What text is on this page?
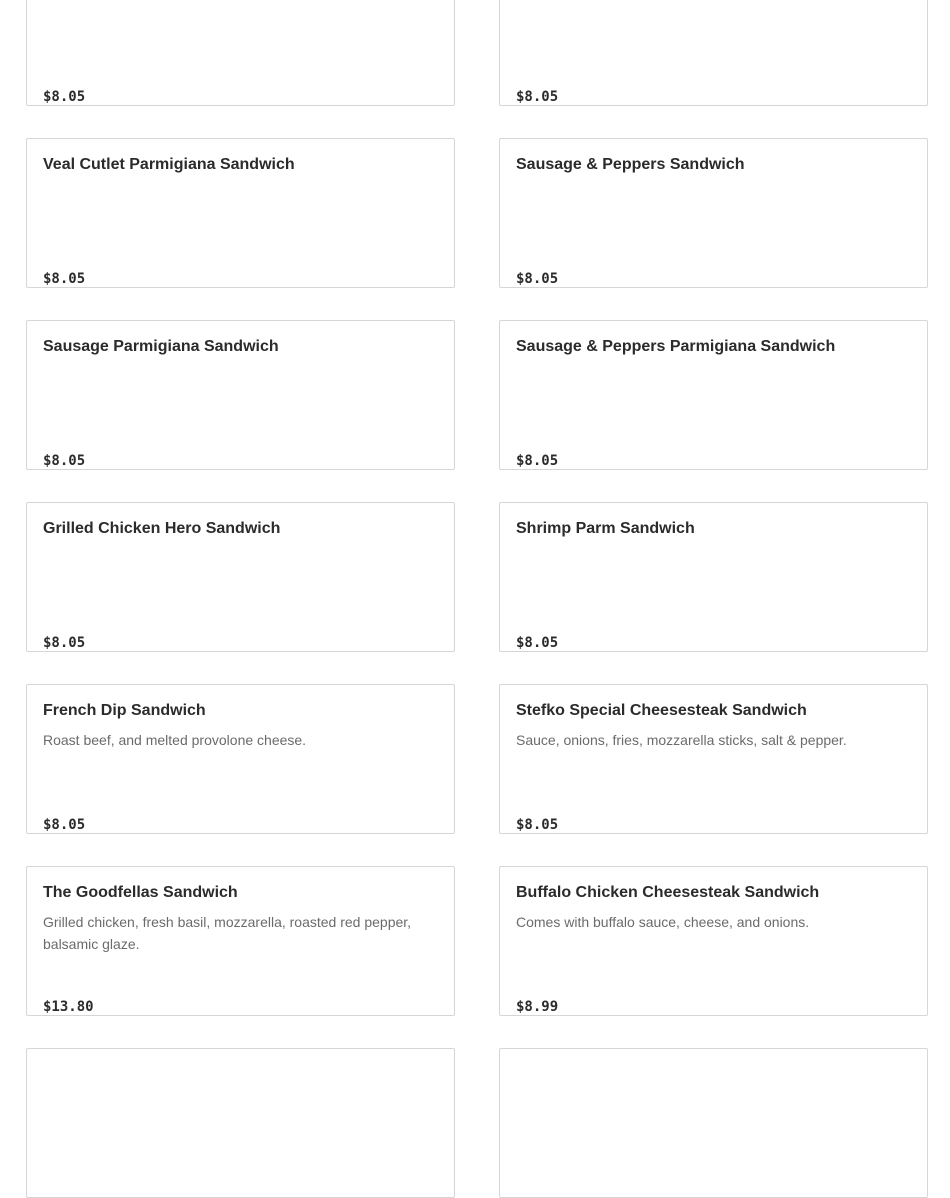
$8.05	$8.05
Veal Cutlet Parmigiana Sandwich
$8.05
Sausage & Peppers Sandwich
$8.05
Sausage Parmigiana Sandwich
$8.05
Sausage & Peppers Parmigiana Sandwich
$8.05
Grilled Chicken Hero Sandwich
$8.05
Shrimp Parm Sandwich
$8.05
French Dip Sandwich
Roast beef, and melted provolone cheese.
$8.05
Stefko Special Cheesesteak Sandwich
Sauce, onions, fries, mozzarella sticks, salt & pepper.
$8.05
The Goodfellas Sandwich
Grilled chicken, fresh basil, mozzarella, roasted red pepper, balsamic glaze.
$13.80
Buffalo Chicken Cheesesteak Sandwich
Comes with buffalo sauce, cheese, and onions.
$8.99
